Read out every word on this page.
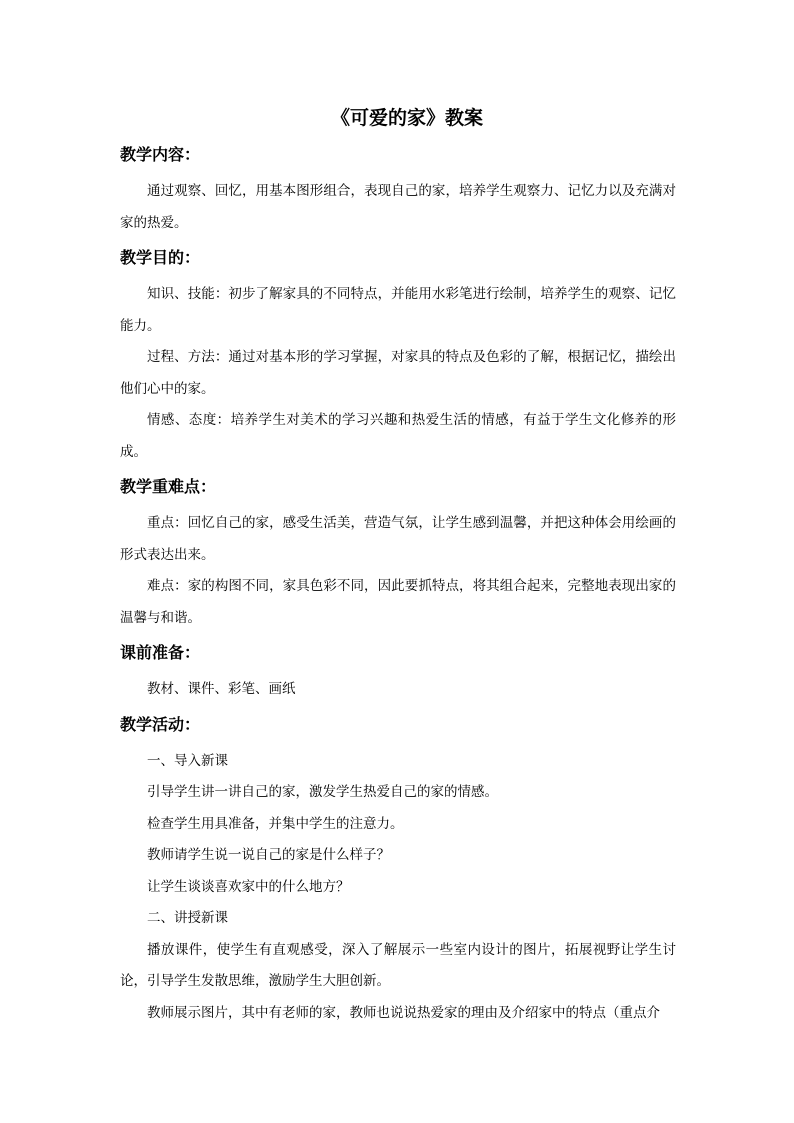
《可爱的家》教案
教学内容：

通过观察、回忆，用基本图形组合，表现自己的家，培养学生观察力、记忆力以及充满对家的热爱。

教学目的：

知识、技能：初步了解家具的不同特点，并能用水彩笔进行绘制，培养学生的观察、记忆能力。

过程、方法：通过对基本形的学习掌握，对家具的特点及色彩的了解，根据记忆，描绘出他们心中的家。

情感、态度：培养学生对美术的学习兴趣和热爱生活的情感，有益于学生文化修养的形成。

教学重难点：

重点：回忆自己的家，感受生活美，营造气氛，让学生感到温馨，并把这种体会用绘画的形式表达出来。

难点：家的构图不同，家具色彩不同，因此要抓特点，将其组合起来，完整地表现出家的温馨与和谐。

课前准备：

教材、课件、彩笔、画纸

教学活动：

一、导入新课

引导学生讲一讲自己的家，激发学生热爱自己的家的情感。

检查学生用具准备，并集中学生的注意力。

教师请学生说一说自己的家是什么样子？

让学生谈谈喜欢家中的什么地方？

二、讲授新课

播放课件，使学生有直观感受，深入了解展示一些室内设计的图片，拓展视野让学生讨论，引导学生发散思维，激励学生大胆创新。

教师展示图片，其中有老师的家，教师也说说热爱家的理由及介绍家中的特点（重点介
